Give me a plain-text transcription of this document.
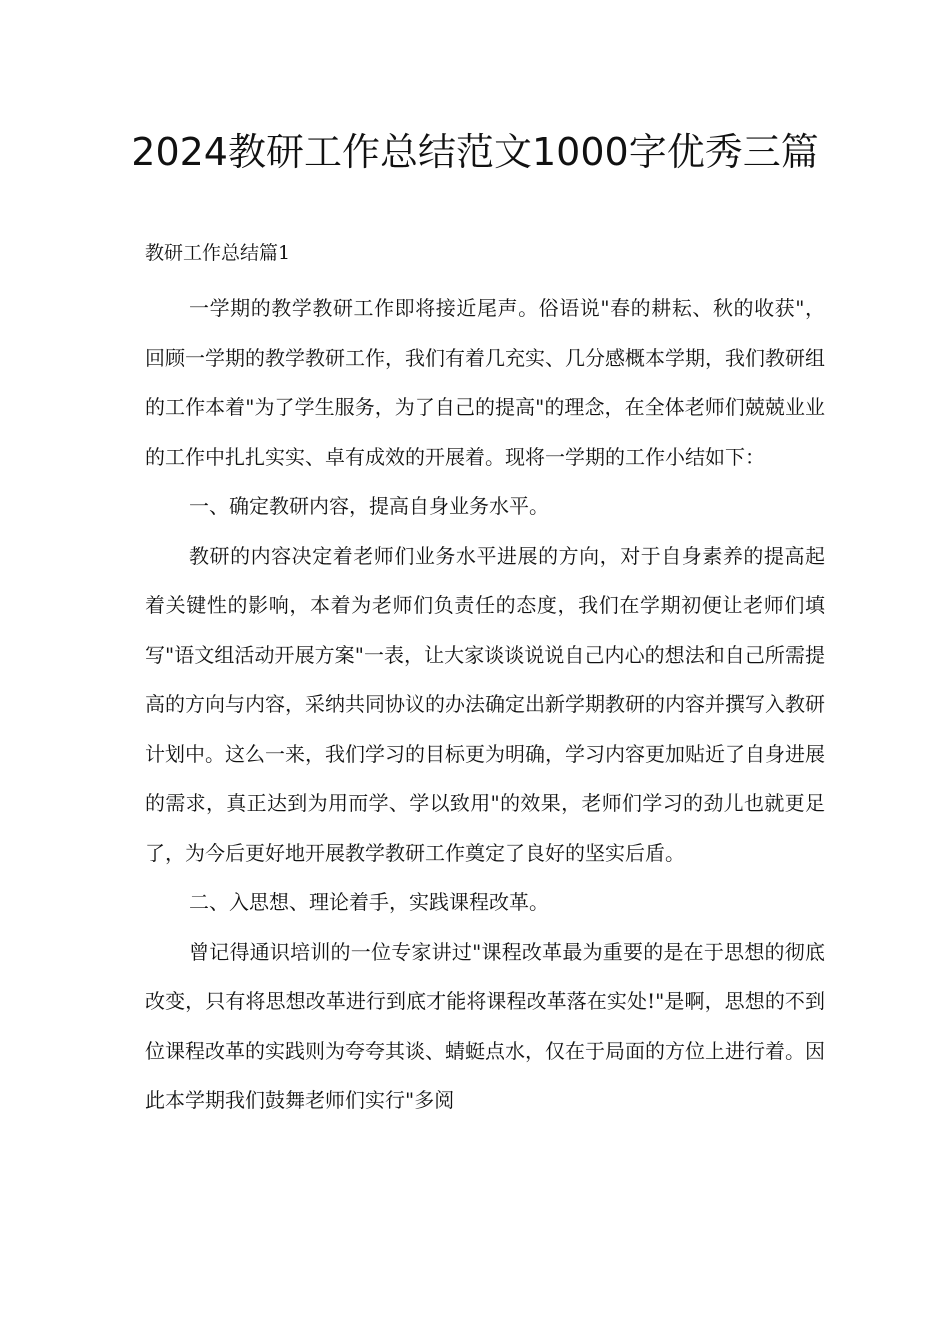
2024教研工作总结范文1000字优秀三篇

教研工作总结篇1

一学期的教学教研工作即将接近尾声。俗语说"春的耕耘、秋的收获"，回顾一学期的教学教研工作，我们有着几充实、几分感概本学期，我们教研组的工作本着"为了学生服务，为了自己的提高"的理念，在全体老师们兢兢业业的工作中扎扎实实、卓有成效的开展着。现将一学期的工作小结如下：

一、确定教研内容，提高自身业务水平。

教研的内容决定着老师们业务水平进展的方向，对于自身素养的提高起着关键性的影响，本着为老师们负责任的态度，我们在学期初便让老师们填写"语文组活动开展方案"一表，让大家谈谈说说自己内心的想法和自己所需提高的方向与内容，采纳共同协议的办法确定出新学期教研的内容并撰写入教研计划中。这么一来，我们学习的目标更为明确，学习内容更加贴近了自身进展的需求，真正达到为用而学、学以致用"的效果，老师们学习的劲儿也就更足了，为今后更好地开展教学教研工作奠定了良好的坚实后盾。

二、入思想、理论着手，实践课程改革。

曾记得通识培训的一位专家讲过"课程改革最为重要的是在于思想的彻底改变，只有将思想改革进行到底才能将课程改革落在实处!"是啊，思想的不到位课程改革的实践则为夸夸其谈、蜻蜓点水，仅在于局面的方位上进行着。因此本学期我们鼓舞老师们实行"多阅
